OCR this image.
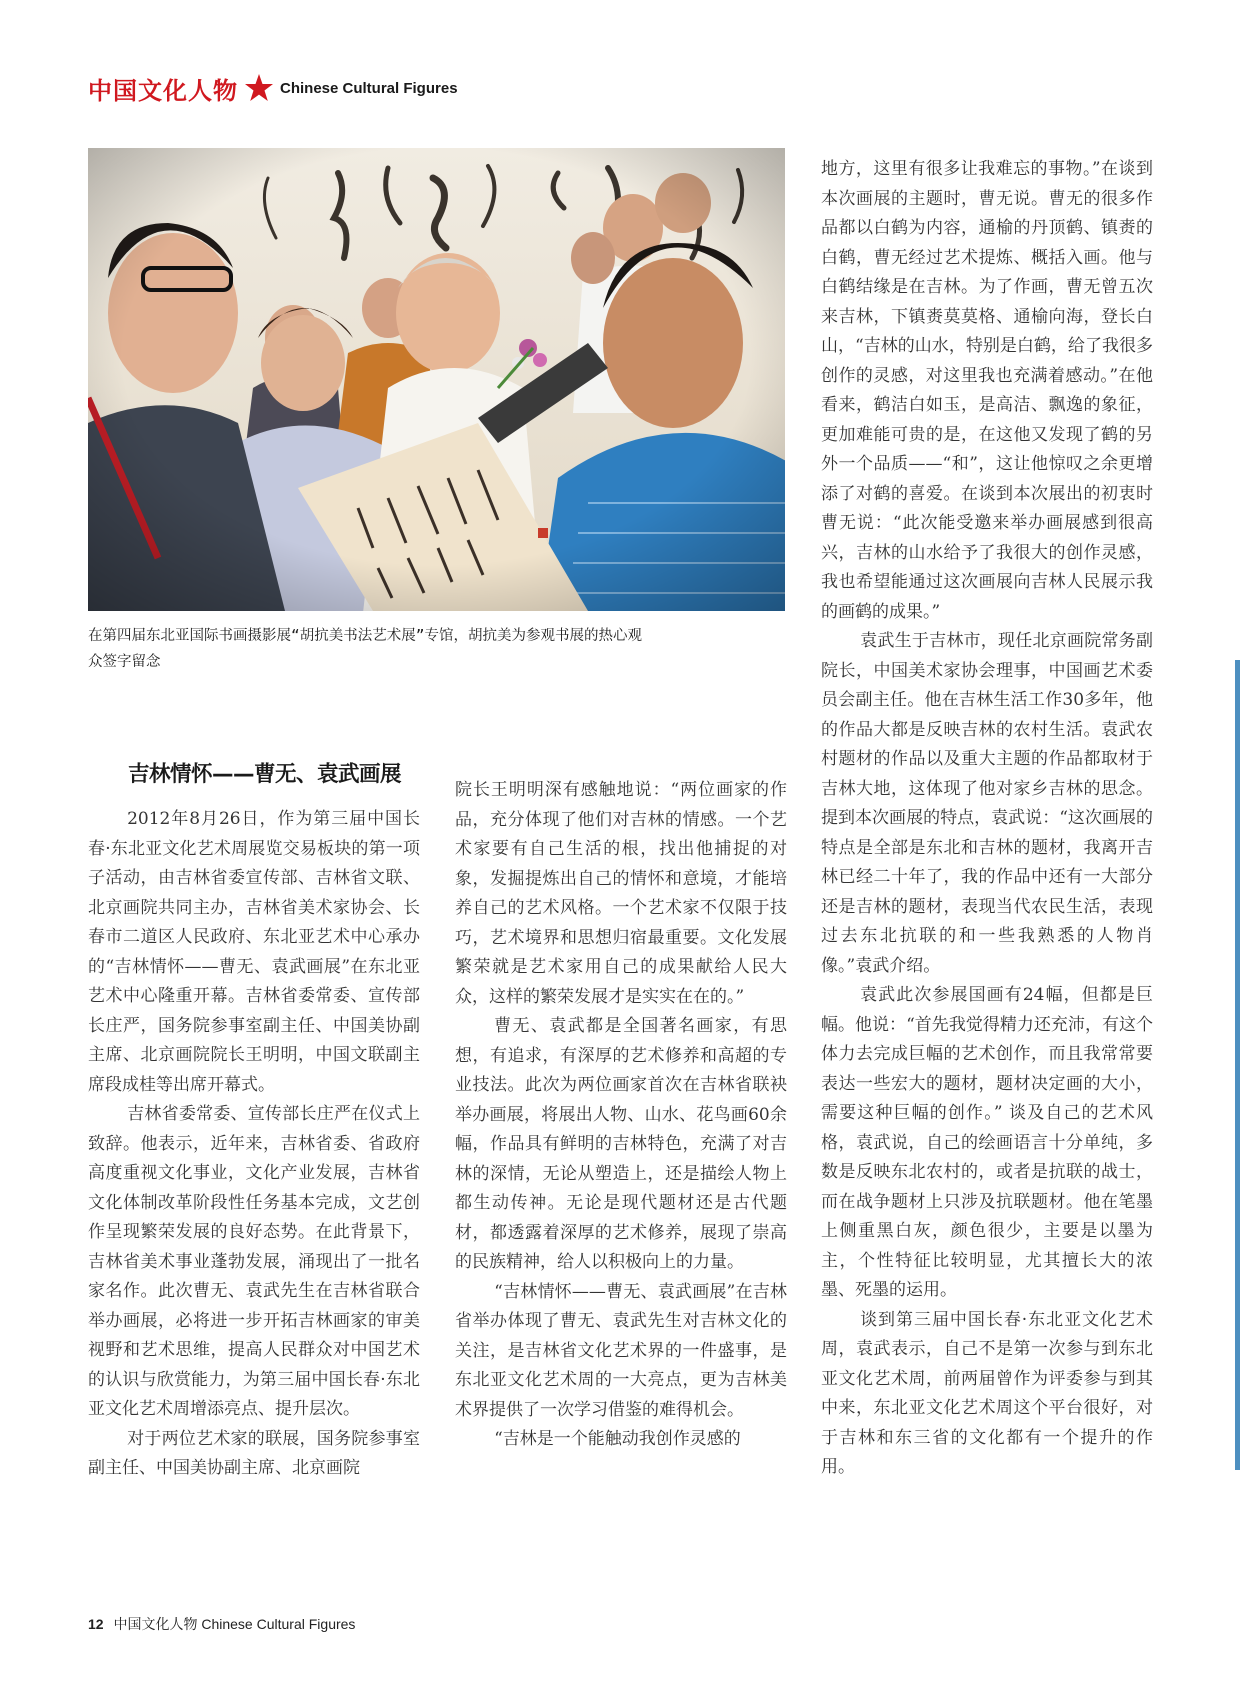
中国文化人物	Chinese Cultural Figures
在第四届东北亚国际书画摄影展“胡抗美书法艺术展”专馆，胡抗美为参观书展的热心观众签字留念
吉林情怀——曹无、袁武画展

2012年8月26日，作为第三届中国长春·东北亚文化艺术周展览交易板块的第一项子活动，由吉林省委宣传部、吉林省文联、北京画院共同主办，吉林省美术家协会、长春市二道区人民政府、东北亚艺术中心承办的“吉林情怀——曹无、袁武画展”在东北亚艺术中心隆重开幕。吉林省委常委、宣传部长庄严，国务院参事室副主任、中国美协副主席、北京画院院长王明明，中国文联副主席段成桂等出席开幕式。

吉林省委常委、宣传部长庄严在仪式上致辞。他表示，近年来，吉林省委、省政府高度重视文化事业，文化产业发展，吉林省文化体制改革阶段性任务基本完成，文艺创作呈现繁荣发展的良好态势。在此背景下，吉林省美术事业蓬勃发展，涌现出了一批名家名作。此次曹无、袁武先生在吉林省联合举办画展，必将进一步开拓吉林画家的审美视野和艺术思维，提高人民群众对中国艺术的认识与欣赏能力，为第三届中国长春·东北亚文化艺术周增添亮点、提升层次。

对于两位艺术家的联展，国务院参事室副主任、中国美协副主席、北京画院

院长王明明深有感触地说：“两位画家的作品，充分体现了他们对吉林的情感。一个艺术家要有自己生活的根，找出他捕捉的对象，发掘提炼出自己的情怀和意境，才能培养自己的艺术风格。一个艺术家不仅限于技巧，艺术境界和思想归宿最重要。文化发展繁荣就是艺术家用自己的成果献给人民大众，这样的繁荣发展才是实实在在的。”

曹无、袁武都是全国著名画家，有思想，有追求，有深厚的艺术修养和高超的专业技法。此次为两位画家首次在吉林省联袂举办画展，将展出人物、山水、花鸟画60余幅，作品具有鲜明的吉林特色，充满了对吉林的深情，无论从塑造上，还是描绘人物上都生动传神。无论是现代题材还是古代题材，都透露着深厚的艺术修养，展现了崇高的民族精神，给人以积极向上的力量。

“吉林情怀——曹无、袁武画展”在吉林省举办体现了曹无、袁武先生对吉林文化的关注，是吉林省文化艺术界的一件盛事，是东北亚文化艺术周的一大亮点，更为吉林美术界提供了一次学习借鉴的难得机会。

“吉林是一个能触动我创作灵感的

地方，这里有很多让我难忘的事物。”在谈到本次画展的主题时，曹无说。曹无的很多作品都以白鹤为内容，通榆的丹顶鹤、镇赉的白鹤，曹无经过艺术提炼、概括入画。他与白鹤结缘是在吉林。为了作画，曹无曾五次来吉林，下镇赉莫莫格、通榆向海，登长白山，“吉林的山水，特别是白鹤，给了我很多创作的灵感，对这里我也充满着感动。”在他看来，鹤洁白如玉，是高洁、飘逸的象征，更加难能可贵的是，在这他又发现了鹤的另外一个品质——“和”，这让他惊叹之余更增添了对鹤的喜爱。在谈到本次展出的初衷时曹无说：“此次能受邀来举办画展感到很高兴，吉林的山水给予了我很大的创作灵感，我也希望能通过这次画展向吉林人民展示我的画鹤的成果。”

袁武生于吉林市，现任北京画院常务副院长，中国美术家协会理事，中国画艺术委员会副主任。他在吉林生活工作30多年，他的作品大都是反映吉林的农村生活。袁武农村题材的作品以及重大主题的作品都取材于吉林大地，这体现了他对家乡吉林的思念。提到本次画展的特点，袁武说：“这次画展的特点是全部是东北和吉林的题材，我离开吉林已经二十年了，我的作品中还有一大部分还是吉林的题材，表现当代农民生活，表现过去东北抗联的和一些我熟悉的人物肖像。”袁武介绍。

袁武此次参展国画有24幅，但都是巨幅。他说：“首先我觉得精力还充沛，有这个体力去完成巨幅的艺术创作，而且我常常要表达一些宏大的题材，题材决定画的大小，需要这种巨幅的创作。” 谈及自己的艺术风格，袁武说，自己的绘画语言十分单纯，多数是反映东北农村的，或者是抗联的战士，而在战争题材上只涉及抗联题材。他在笔墨上侧重黑白灰，颜色很少，主要是以墨为主，个性特征比较明显，尤其擅长大的浓墨、死墨的运用。

谈到第三届中国长春·东北亚文化艺术周，袁武表示，自己不是第一次参与到东北亚文化艺术周，前两届曾作为评委参与到其中来，东北亚文化艺术周这个平台很好，对于吉林和东三省的文化都有一个提升的作用。

12 中国文化人物 Chinese Cultural Figures
